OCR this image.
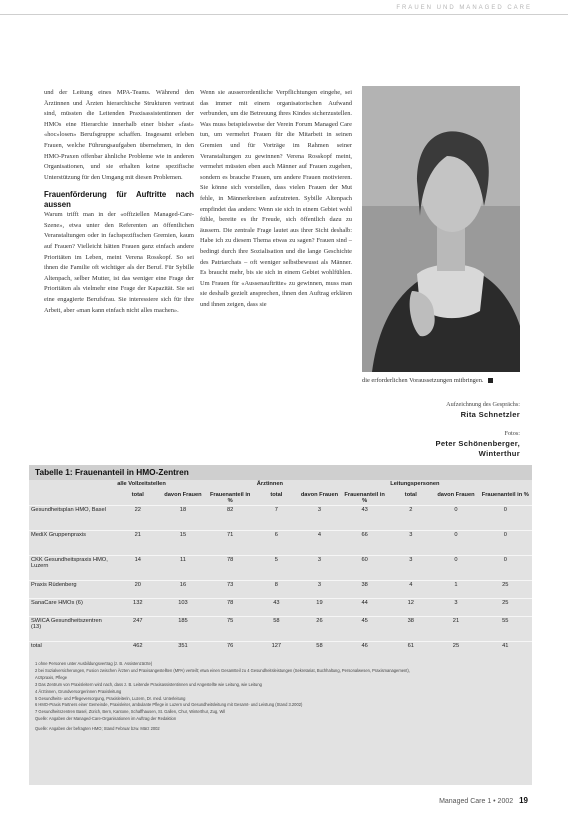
FRAUEN UND MANAGED CARE

und der Leitung eines MPA-Teams. Während den Ärztinnen und Ärzten hierarchische Strukturen vertraut sind, müssten die Leitenden Praxisassistentinnen der HMOs eine Hierarchie innerhalb einer bisher «fast» «hoc»losen» Berufsgruppe schaffen. Insgesamt erleben Frauen, welche Führungsaufgaben übernehmen, in den HMO-Praxen offenbar ähnliche Probleme wie in anderen Organisationen, und sie erhalten keine spezifische Unterstützung für den Umgang mit diesen Problemen.

Frauenförderung für Auftritte nach aussen

Warum trifft man in der «offiziellen Managed-Care-Szene», etwa unter den Referenten an öffentlichen Veranstaltungen oder in fachspezifischen Gremien, kaum auf Frauen? Vielleicht hätten Frauen ganz einfach andere Prioritäten im Leben, meint Verena Rosskopf. So sei ihnen die Familie oft wichtiger als der Beruf. Für Sybille Altenpach, selber Mutter, ist das weniger eine Frage der Prioritäten als vielmehr eine Frage der Kapazität. Sie sei eine engagierte Berufsfrau. Sie interessiere sich für ihre Arbeit, aber «man kann einfach nicht alles machen».

Wenn sie ausserordentliche Verpflichtungen eingehe, sei das immer mit einem organisatorischen Aufwand verbunden, um die Betreuung ihres Kindes sicherzustellen. Was muss beispielsweise der Verein Forum Managed Care tun, um vermehrt Frauen für die Mitarbeit in seinen Gremien und für Vorträge im Rahmen seiner Veranstaltungen zu gewinnen? Verena Rosskopf meint, vermehrt müssten eben auch Männer auf Frauen zugehen, sondern es brauche Frauen, um andere Frauen motivieren. Sie könne sich vorstellen, dass vielen Frauen der Mut fehle, in Männerkreisen aufzutreten. Sybille Altenpach empfindet das anders: Wenn sie sich in einem Gebiet wohl fühle, bereite es ihr Freude, sich öffentlich dazu zu äussern. Die zentrale Frage lautet aus ihrer Sicht deshalb: Habe ich zu diesem Thema etwas zu sagen? Frauen sind – bedingt durch ihre Sozialisation und die lange Geschichte des Patriarchats – oft weniger selbstbewusst als Männer. Es braucht mehr, bis sie sich in einem Gebiet wohlfühlen. Um Frauen für «Aussenauftritte» zu gewinnen, muss man sie deshalb gezielt ansprechen, ihnen den Auftrag erklären und ihnen zeigen, dass sie

die erforderlichen Voraussetzungen mitbringen.

Aufzeichnung des Gesprächs:
Rita Schnetzler
Fotos:
Peter Schönenberger,
Winterthur
Tabelle 1: Frauenanteil in HMO-Zentren
	alle Vollzeitstellen			Ärztinnen			Leitungspersonen		
	total	davon Frauen	Frauenanteil in %	total	davon Frauen	Frauenanteil in %	total	davon Frauen	Frauenanteil in %
Gesundheitsplan HMO, Basel	22	18	82	7	3	43	2	0	0
MediX Gruppenpraxis	21	15	71	6	4	66	3	0	0
CKK Gesundheitspraxis HMO, Luzern	14	11	78	5	3	60	3	0	0
Praxis Rüdenberg	20	16	73	8	3	38	4	1	25
SanaCare HMOs (6)	132	103	78	43	19	44	12	3	25
SWICA Gesundheitszentren (13)	247	185	75	58	26	45	38	21	55
total	462	351	76	127	58	46	61	25	41

1 ohne Personen unter Ausbildungsvertrag (z. B. Assistenzärzte)

2 bei Sozialversicherungen, Fusion zwischen Ärzten und Praxisangestellten (MPA) verteilt; etwa einen Gesamtteil zu 4 Gesundheitsleistungen (Sekretariat, Buchhaltung, Personalwesen, Praxismanagement),

Arztpraxis, Pflege

3 Das Zentrum von Praxisleitern wird nach, dass z. B. Leitende Praxisassistentinnen und Angestellte wie Leitung, wie Leitung

4 Ärztinnen, Grundversorgerinnen Praxisleitung

5 Gesundheits- und Pflegeversorgung, Praxisleiterin, Luzern, Dr. med. Unterleitung

6 HMO-Praxis Partners einer Gemeinde, Praxisleiter, ambulante Pflege in Luzern und Gesundheitsleitung mit Gesamt- und Leistung (Stand 3.2002)

7 Gesundheitszentren Basel, Zürich, Bern, Kantone, Schaffhausen, St. Gallen, Chur, Winterthur, Zug, Wil

Quelle: Angaben der Managed-Care-Organisationen im Auftrag der Redaktion

Quelle: Angaben der befragten HMO; Stand Februar bzw. März 2002

Managed Care 1 • 2002 19
